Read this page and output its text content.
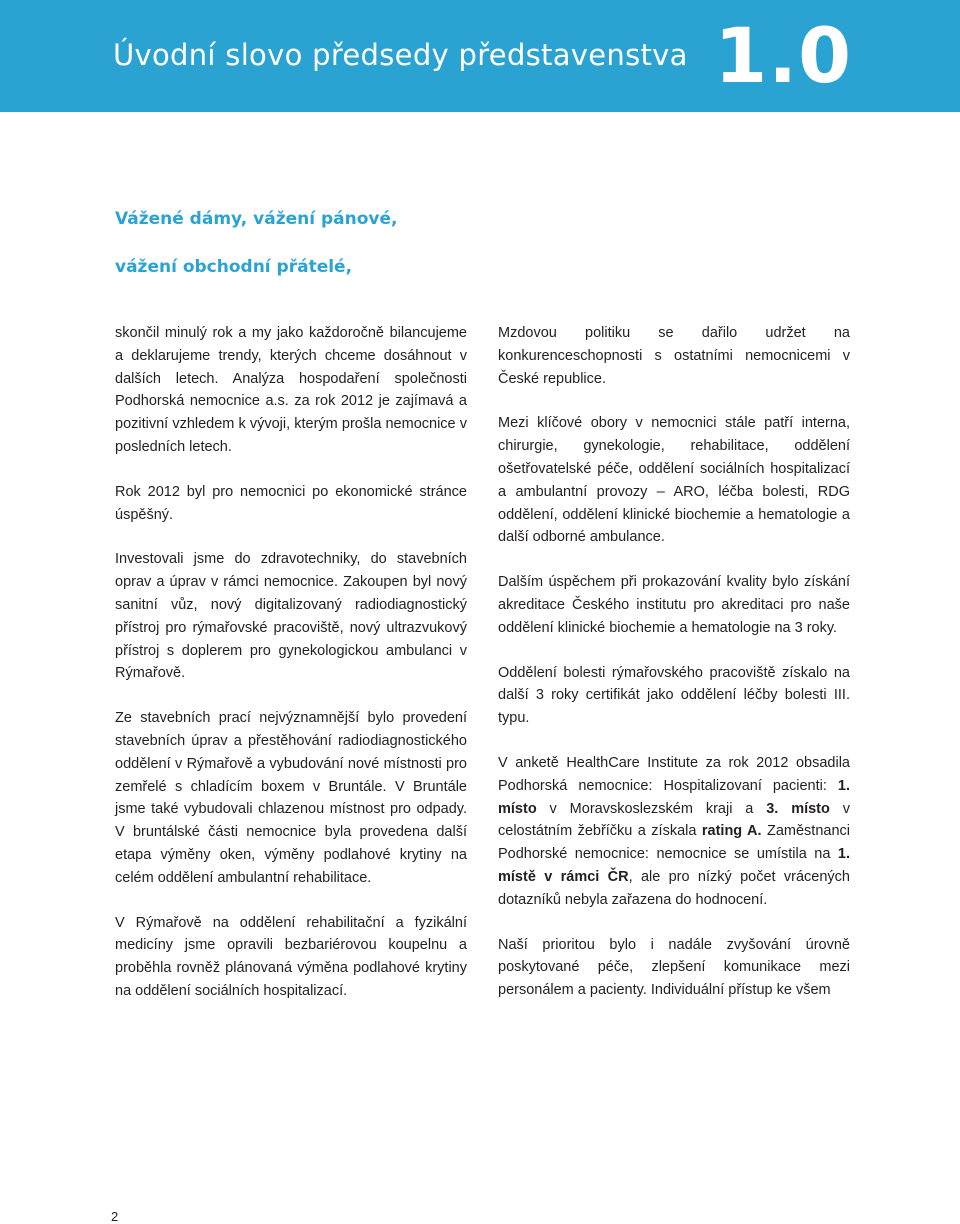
Úvodní slovo předsedy představenstva 1.0
Vážené dámy, vážení pánové,
vážení obchodní přátelé,

skončil minulý rok a my jako každoročně bilancujeme a deklarujeme trendy, kterých chceme dosáhnout v dalších letech. Analýza hospodaření společnosti Podhorská nemocnice a.s. za rok 2012 je zajímavá a pozitivní vzhledem k vývoji, kterým prošla nemocnice v posledních letech.

Rok 2012 byl pro nemocnici po ekonomické stránce úspěšný.

Investovali jsme do zdravotechniky, do stavebních oprav a úprav v rámci nemocnice. Zakoupen byl nový sanitní vůz, nový digitalizovaný radiodiagnostický přístroj pro rýmařovské pracoviště, nový ultrazvukový přístroj s doplerem pro gynekologickou ambulanci v Rýmařově.

Ze stavebních prací nejvýznamnější bylo provedení stavebních úprav a přestěhování radiodiagnostického oddělení v Rýmařově a vybudování nové místnosti pro zemřelé s chladícím boxem v Bruntále. V Bruntále jsme také vybudovali chlazenou místnost pro odpady. V bruntálské části nemocnice byla provedena další etapa výměny oken, výměny podlahové krytiny na celém oddělení ambulantní rehabilitace.

V Rýmařově na oddělení rehabilitační a fyzikální medicíny jsme opravili bezbariérovou koupelnu a proběhla rovněž plánovaná výměna podlahové krytiny na oddělení sociálních hospitalizací.

Mzdovou politiku se dařilo udržet na konkurenceschopnosti s ostatními nemocnicemi v České republice.

Mezi klíčové obory v nemocnici stále patří interna, chirurgie, gynekologie, rehabilitace, oddělení ošetřovatelské péče, oddělení sociálních hospitalizací a ambulantní provozy – ARO, léčba bolesti, RDG oddělení, oddělení klinické biochemie a hematologie a další odborné ambulance.

Dalším úspěchem při prokazování kvality bylo získání akreditace Českého institutu pro akreditaci pro naše oddělení klinické biochemie a hematologie na 3 roky.

Oddělení bolesti rýmařovského pracoviště získalo na další 3 roky certifikát jako oddělení léčby bolesti III. typu.

V anketě HealthCare Institute za rok 2012 obsadila Podhorská nemocnice: Hospitalizovaní pacienti: 1. místo v Moravskoslezském kraji a 3. místo v celostátním žebříčku a získala rating A. Zaměstnanci Podhorské nemocnice: nemocnice se umístila na 1. místě v rámci ČR, ale pro nízký počet vrácených dotazníků nebyla zařazena do hodnocení.

Naší prioritou bylo i nadále zvyšování úrovně poskytované péče, zlepšení komunikace mezi personálem a pacienty. Individuální přístup ke všem

2
